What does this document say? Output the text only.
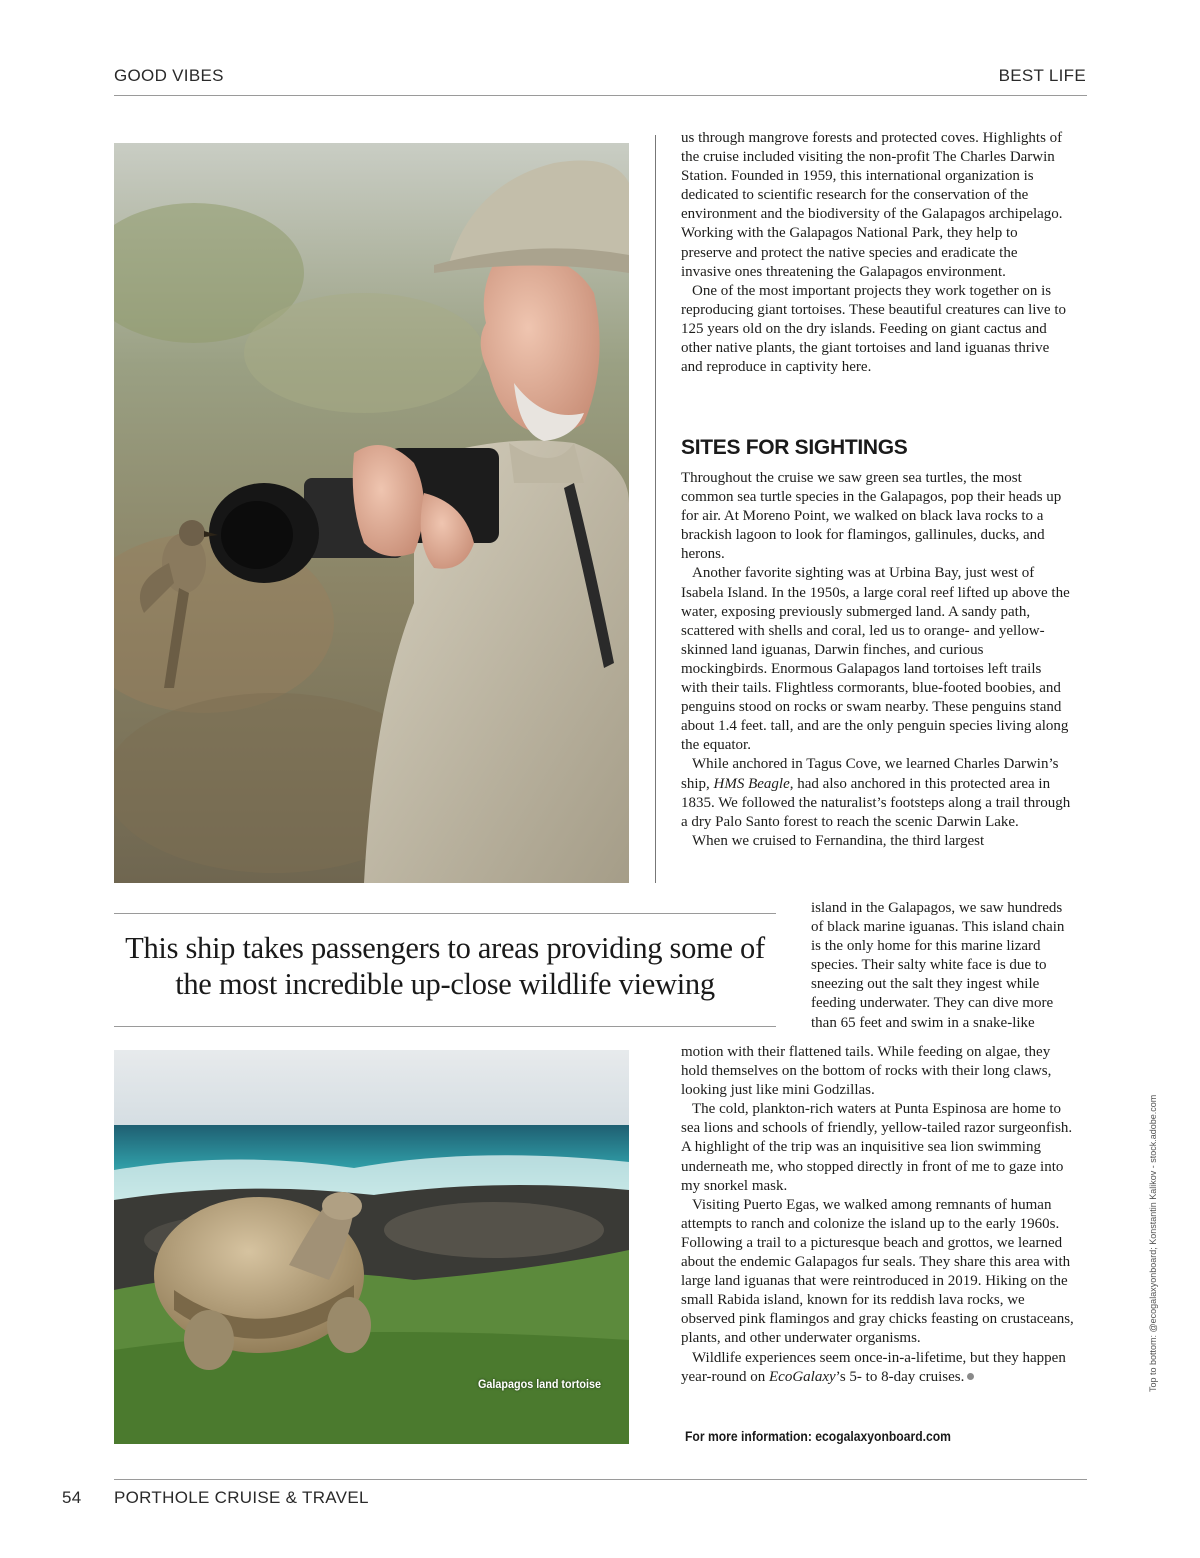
GOOD VIBES	BEST LIFE

us through mangrove forests and protected coves. Highlights of the cruise included visiting the non-profit The Charles Darwin Station. Founded in 1959, this international organization is dedicated to scientific research for the conservation of the environment and the biodiversity of the Galapagos archipelago. Working with the Galapagos National Park, they help to preserve and protect the native species and eradicate the invasive ones threatening the Galapagos environment.

One of the most important projects they work together on is reproducing giant tortoises. These beautiful creatures can live to 125 years old on the dry islands. Feeding on giant cactus and other native plants, the giant tortoises and land iguanas thrive and reproduce in captivity here.

SITES FOR SIGHTINGS

Throughout the cruise we saw green sea turtles, the most common sea turtle species in the Galapagos, pop their heads up for air. At Moreno Point, we walked on black lava rocks to a brackish lagoon to look for flamingos, gallinules, ducks, and herons.

Another favorite sighting was at Urbina Bay, just west of Isabela Island. In the 1950s, a large coral reef lifted up above the water, exposing previously submerged land. A sandy path, scattered with shells and coral, led us to orange- and yellow-skinned land iguanas, Darwin finches, and curious mockingbirds. Enormous Galapagos land tortoises left trails with their tails. Flightless cormorants, blue-footed boobies, and penguins stood on rocks or swam nearby. These penguins stand about 1.4 feet. tall, and are the only penguin species living along the equator.

While anchored in Tagus Cove, we learned Charles Darwin’s ship, HMS Beagle, had also anchored in this protected area in 1835. We followed the naturalist’s footsteps along a trail through a dry Palo Santo forest to reach the scenic Darwin Lake.

When we cruised to Fernandina, the third largest

This ship takes passengers to areas providing some of the most incredible up-close wildlife viewing
island in the Galapagos, we saw hundreds of black marine iguanas. This island chain is the only home for this marine lizard species. Their salty white face is due to sneezing out the salt they ingest while feeding underwater. They can dive more than 65 feet and swim in a snake-like

motion with their flattened tails. While feeding on algae, they hold themselves on the bottom of rocks with their long claws, looking just like mini Godzillas.

The cold, plankton-rich waters at Punta Espinosa are home to sea lions and schools of friendly, yellow-tailed razor surgeonfish. A highlight of the trip was an inquisitive sea lion swimming underneath me, who stopped directly in front of me to gaze into my snorkel mask.

Visiting Puerto Egas, we walked among remnants of human attempts to ranch and colonize the island up to the early 1960s. Following a trail to a picturesque beach and grottos, we learned about the endemic Galapagos fur seals. They share this area with large land iguanas that were reintroduced in 2019. Hiking on the small Rabida island, known for its reddish lava rocks, we observed pink flamingos and gray chicks feasting on crustaceans, plants, and other underwater organisms.

Wildlife experiences seem once-in-a-lifetime, but they happen year-round on EcoGalaxy’s 5- to 8-day cruises.

For more information: ecogalaxyonboard.com
Galapagos land tortoise	Top to bottom: @ecogalaxyonboard; Konstantin Kalikov - stock.adobe.com
54 PORTHOLE CRUISE & TRAVEL
